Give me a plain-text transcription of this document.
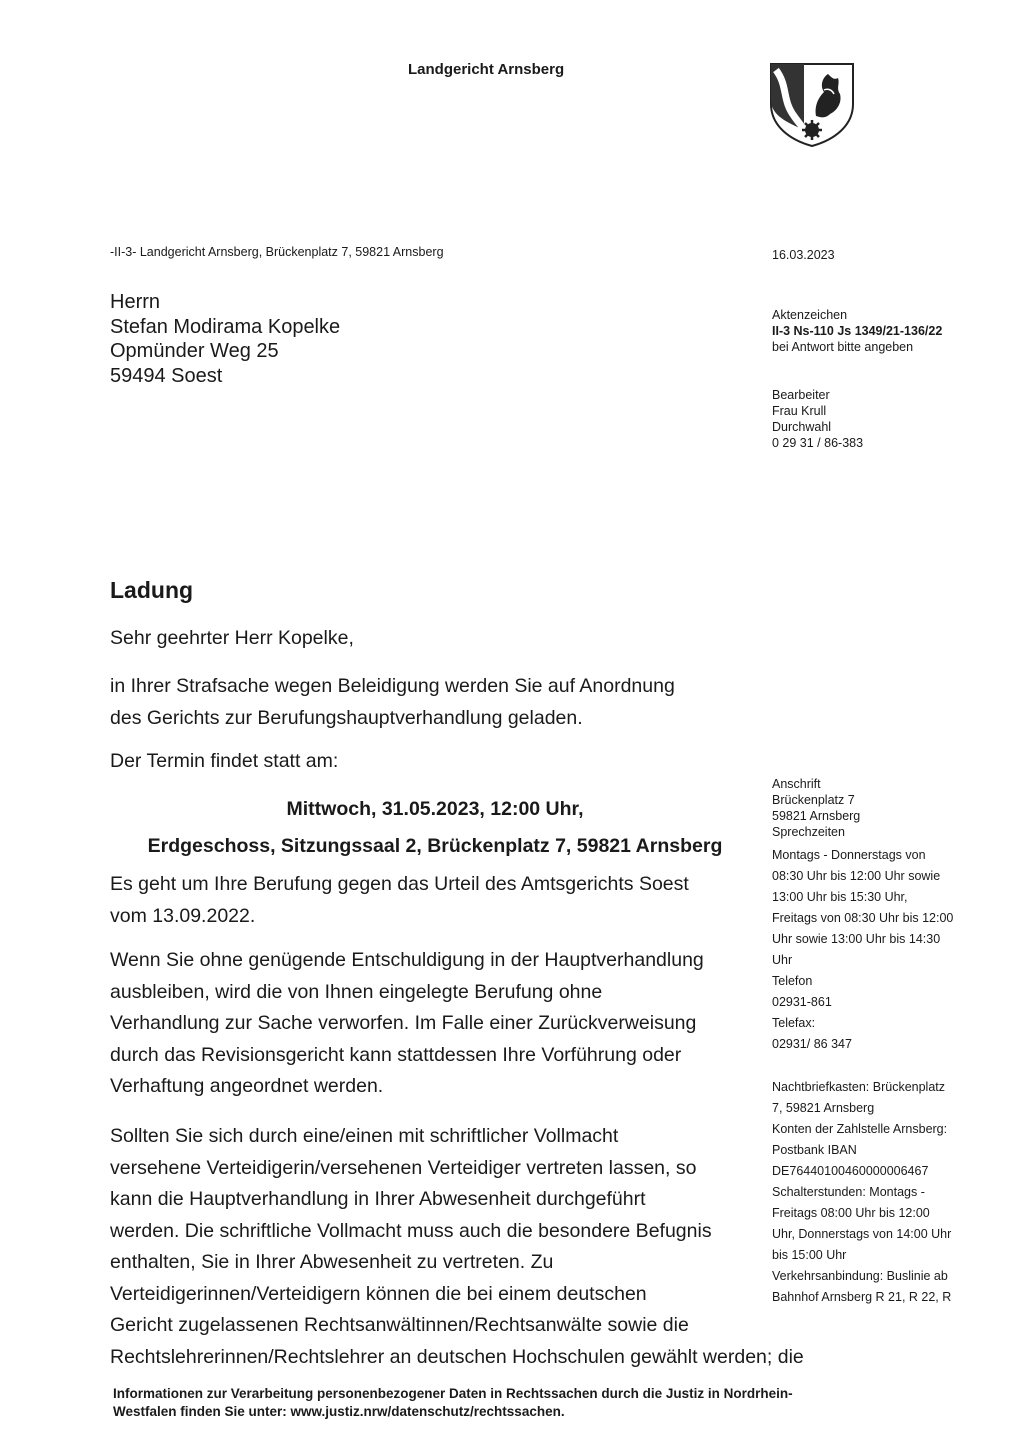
Landgericht Arnsberg
-II-3- Landgericht Arnsberg, Brückenplatz 7, 59821 Arnsberg	16.03.2023
Herrn
Stefan Modirama Kopelke
Opmünder Weg 25
59494 Soest
Aktenzeichen
II-3 Ns-110 Js 1349/21-136/22
bei Antwort bitte angeben
Bearbeiter
Frau Krull
Durchwahl
0 29 31 / 86-383
Ladung
Sehr geehrter Herr Kopelke,
in Ihrer Strafsache wegen Beleidigung werden Sie auf Anordnung
des Gerichts zur Berufungshauptverhandlung geladen.
Der Termin findet statt am:
Mittwoch, 31.05.2023, 12:00 Uhr,
Erdgeschoss, Sitzungssaal 2, Brückenplatz 7, 59821 Arnsberg
Es geht um Ihre Berufung gegen das Urteil des Amtsgerichts Soest
vom 13.09.2022.
Wenn Sie ohne genügende Entschuldigung in der Hauptverhandlung
ausbleiben, wird die von Ihnen eingelegte Berufung ohne
Verhandlung zur Sache verworfen. Im Falle einer Zurückverweisung
durch das Revisionsgericht kann stattdessen Ihre Vorführung oder
Verhaftung angeordnet werden.
Sollten Sie sich durch eine/einen mit schriftlicher Vollmacht
versehene Verteidigerin/versehenen Verteidiger vertreten lassen, so
kann die Hauptverhandlung in Ihrer Abwesenheit durchgeführt
werden. Die schriftliche Vollmacht muss auch die besondere Befugnis
enthalten, Sie in Ihrer Abwesenheit zu vertreten. Zu
Verteidigerinnen/Verteidigern können die bei einem deutschen
Gericht zugelassenen Rechtsanwältinnen/Rechtsanwälte sowie die
Rechtslehrerinnen/Rechtslehrer an deutschen Hochschulen gewählt werden; die
Anschrift
Brückenplatz 7
59821 Arnsberg
Sprechzeiten
Montags - Donnerstags von
08:30 Uhr bis 12:00 Uhr sowie
13:00 Uhr bis 15:30 Uhr,
Freitags von 08:30 Uhr bis 12:00
Uhr sowie 13:00 Uhr bis 14:30
Uhr
Telefon
02931-861
Telefax:
02931/ 86 347
Nachtbriefkasten: Brückenplatz
7, 59821 Arnsberg
Konten der Zahlstelle Arnsberg:
Postbank IBAN
DE76440100460000006467
Schalterstunden: Montags -
Freitags 08:00 Uhr bis 12:00
Uhr, Donnerstags von 14:00 Uhr
bis 15:00 Uhr
Verkehrsanbindung: Buslinie ab
Bahnhof Arnsberg R 21, R 22, R
Informationen zur Verarbeitung personenbezogener Daten in Rechtssachen durch die Justiz in Nordrhein-
Westfalen finden Sie unter: www.justiz.nrw/datenschutz/rechtssachen.
